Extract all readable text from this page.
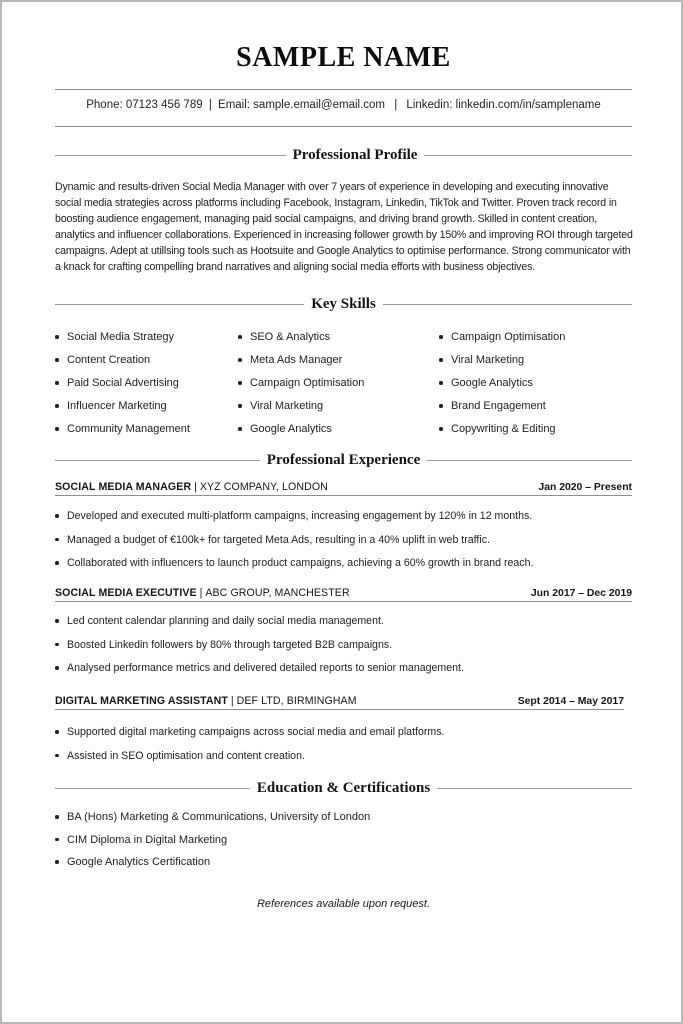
SAMPLE NAME
Phone: 07123 456 789 | Email: sample.email@email.com | Linkedin: linkedin.com/in/samplename
Professional Profile

Dynamic and results-driven Social Media Manager with over 7 years of experience in developing and executing innovative social media strategies across platforms including Facebook, Instagram, Linkedin, TikTok and Twitter. Proven track record in boosting audience engagement, managing paid social campaigns, and driving brand growth. Skilled in content creation, analytics and influencer collaborations. Experienced in increasing follower growth by 150% and improving ROI through targeted campaigns. Adept at utillsing tools such as Hootsuite and Google Analytics to optimise performance. Strong communicator with a knack for crafting compelling brand narratives and aligning social media efforts with business objectives.

Key Skills
Social Media Strategy
Content Creation
Paid Social Advertising
Influencer Marketing
Community Management
SEO & Analytics
Meta Ads Manager
Campaign Optimisation
Viral Marketing
Google Analytics
Campaign Optimisation
Viral Marketing
Google Analytics
Brand Engagement
Copywriting & Editing
Professional Experience
SOCIAL MEDIA MANAGER | XYZ COMPANY, LONDON	Jan 2020 – Present
Developed and executed multi-platform campaigns, increasing engagement by 120% in 12 months.
Managed a budget of €100k+ for targeted Meta Ads, resulting in a 40% uplift in web traffic.
Collaborated with influencers to launch product campaigns, achieving a 60% growth in brand reach.
SOCIAL MEDIA EXECUTIVE | ABC GROUP, MANCHESTER	Jun 2017 – Dec 2019
Led content calendar planning and daily social media management.
Boosted Linkedin followers by 80% through targeted B2B campaigns.
Analysed performance metrics and delivered detailed reports to senior management.
DIGITAL MARKETING ASSISTANT | DEF LTD, BIRMINGHAM	Sept 2014 – May 2017
Supported digital marketing campaigns across social media and email platforms.
Assisted in SEO optimisation and content creation.
Education & Certifications
BA (Hons) Marketing & Communications, University of London
CIM Diploma in Digital Marketing
Google Analytics Certification
References available upon request.
